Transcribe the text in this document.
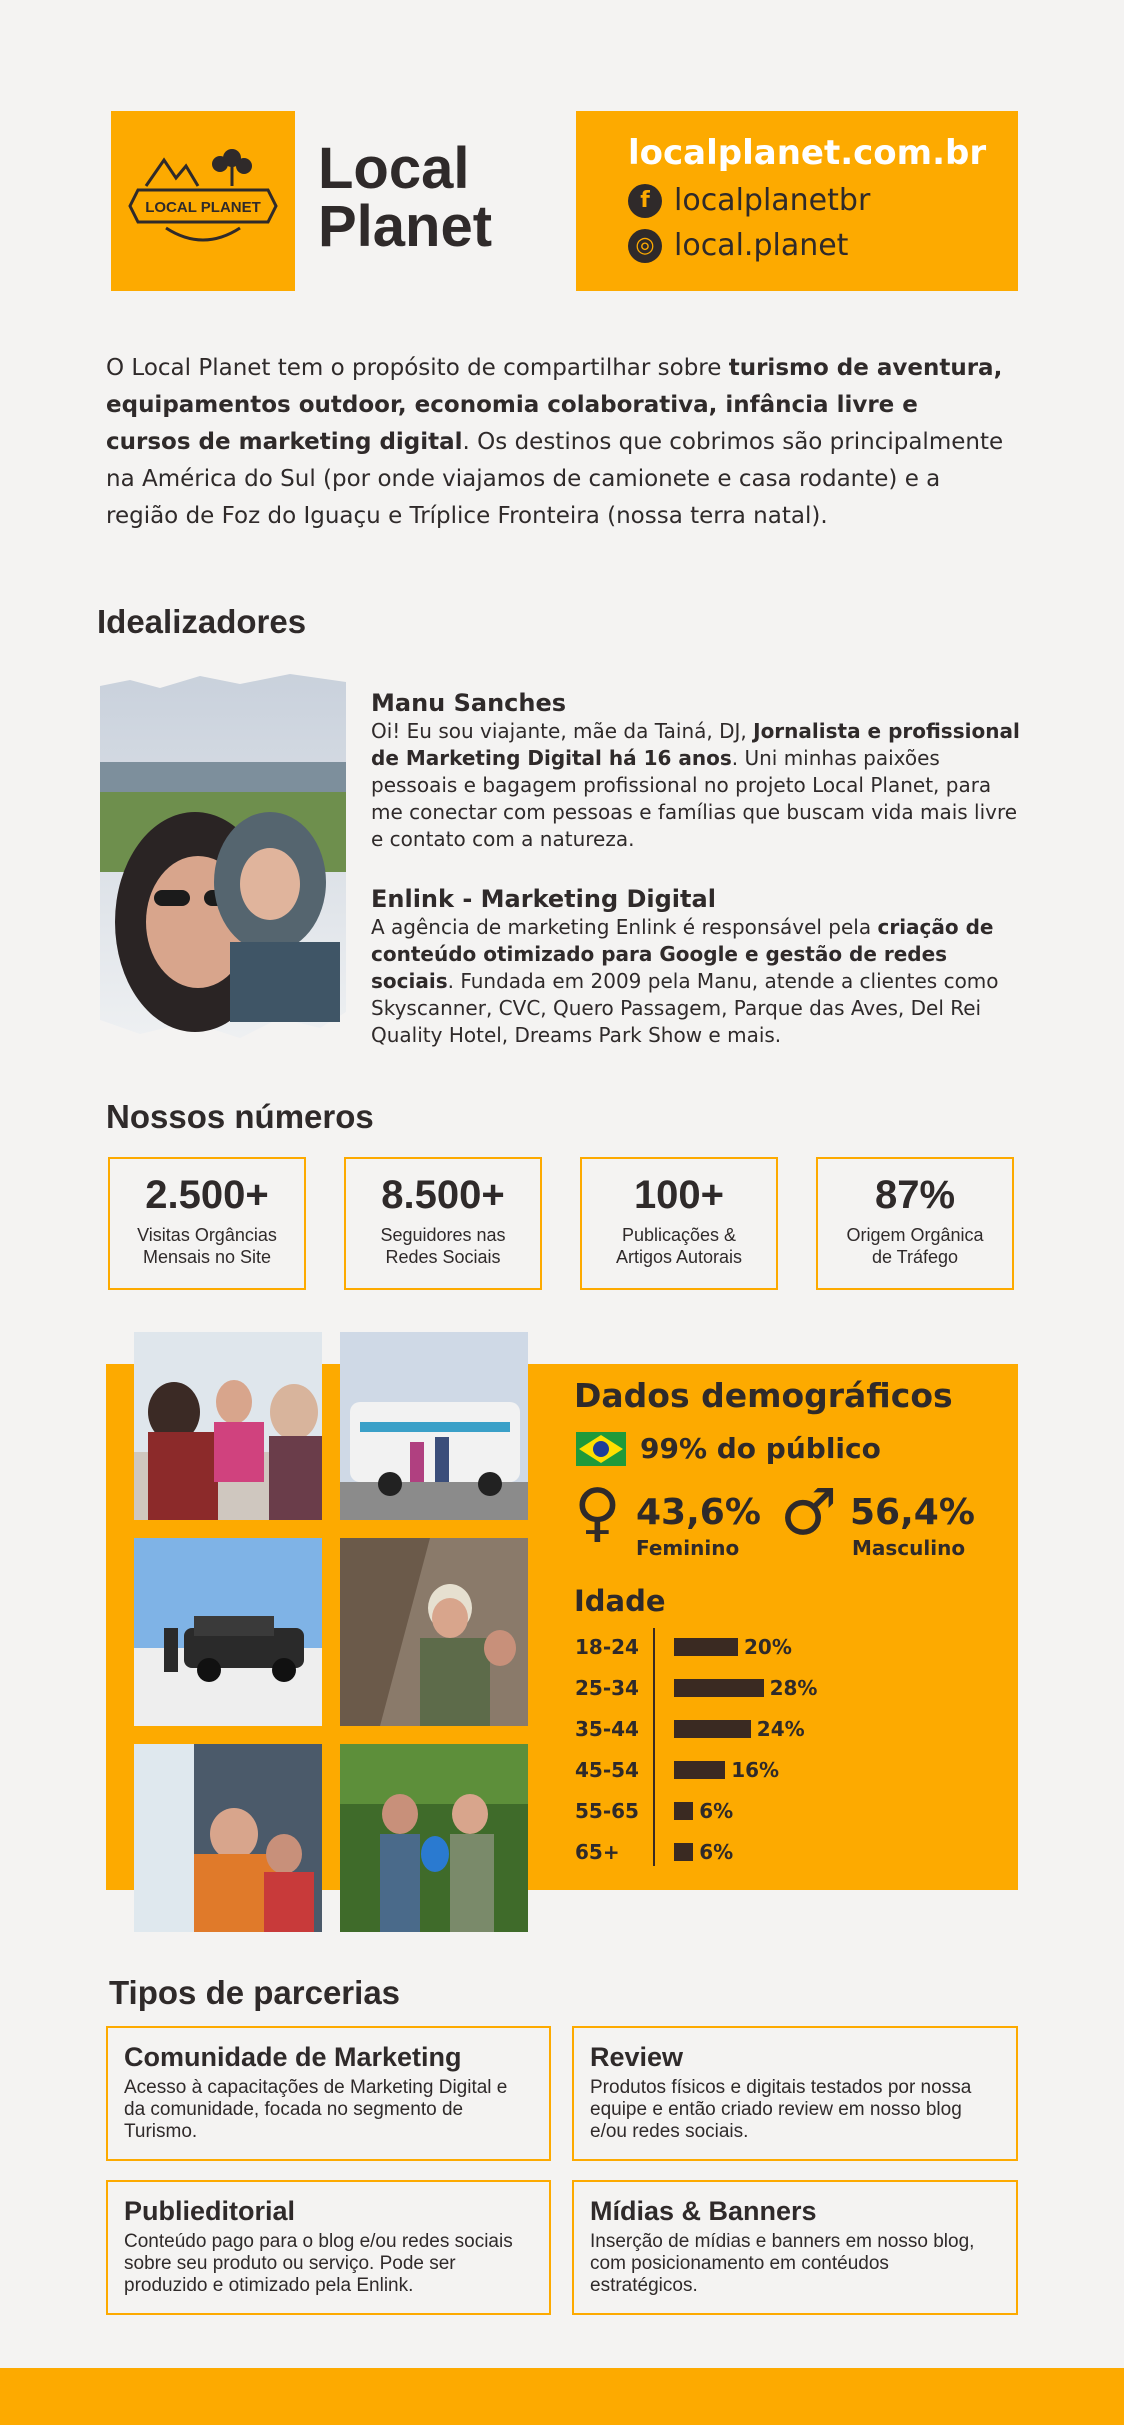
LOCAL PLANET
Local
Planet
localplanet.com.br
f localplanetbr
◎ local.planet
O Local Planet tem o propósito de compartilhar sobre turismo de aventura, equipamentos outdoor, economia colaborativa, infância livre e cursos de marketing digital. Os destinos que cobrimos são principalmente na América do Sul (por onde viajamos de camionete e casa rodante) e a região de Foz do Iguaçu e Tríplice Fronteira (nossa terra natal).
Idealizadores
Manu Sanches
Oi! Eu sou viajante, mãe da Tainá, DJ, Jornalista e profissional de Marketing Digital há 16 anos. Uni minhas paixões pessoais e bagagem profissional no projeto Local Planet, para me conectar com pessoas e famílias que buscam vida mais livre e contato com a natureza.
Enlink - Marketing Digital
A agência de marketing Enlink é responsável pela criação de conteúdo otimizado para Google e gestão de redes sociais. Fundada em 2009 pela Manu, atende a clientes como Skyscanner, CVC, Quero Passagem, Parque das Aves, Del Rei Quality Hotel, Dreams Park Show e mais.
Nossos números
2.500+
Visitas Orgâncias
Mensais no Site
8.500+
Seguidores nas
Redes Sociais
100+
Publicações &
Artigos Autorais
87%
Origem Orgânica
de Tráfego
Dados demográficos
99% do público
♀ 43,6%
Feminino ♂ 56,4%
Masculino
Idade
18-24	20%
25-34	28%
35-44	24%
45-54	16%
55-65	6%
65+	6%
Tipos de parcerias
Comunidade de Marketing
Acesso à capacitações de Marketing Digital e da comunidade, focada no segmento de Turismo.
Review
Produtos físicos e digitais testados por nossa equipe e então criado review em nosso blog e/ou redes sociais.
Publieditorial
Conteúdo pago para o blog e/ou redes sociais sobre seu produto ou serviço. Pode ser produzido e otimizado pela Enlink.
Mídias & Banners
Inserção de mídias e banners em nosso blog, com posicionamento em contéudos estratégicos.
